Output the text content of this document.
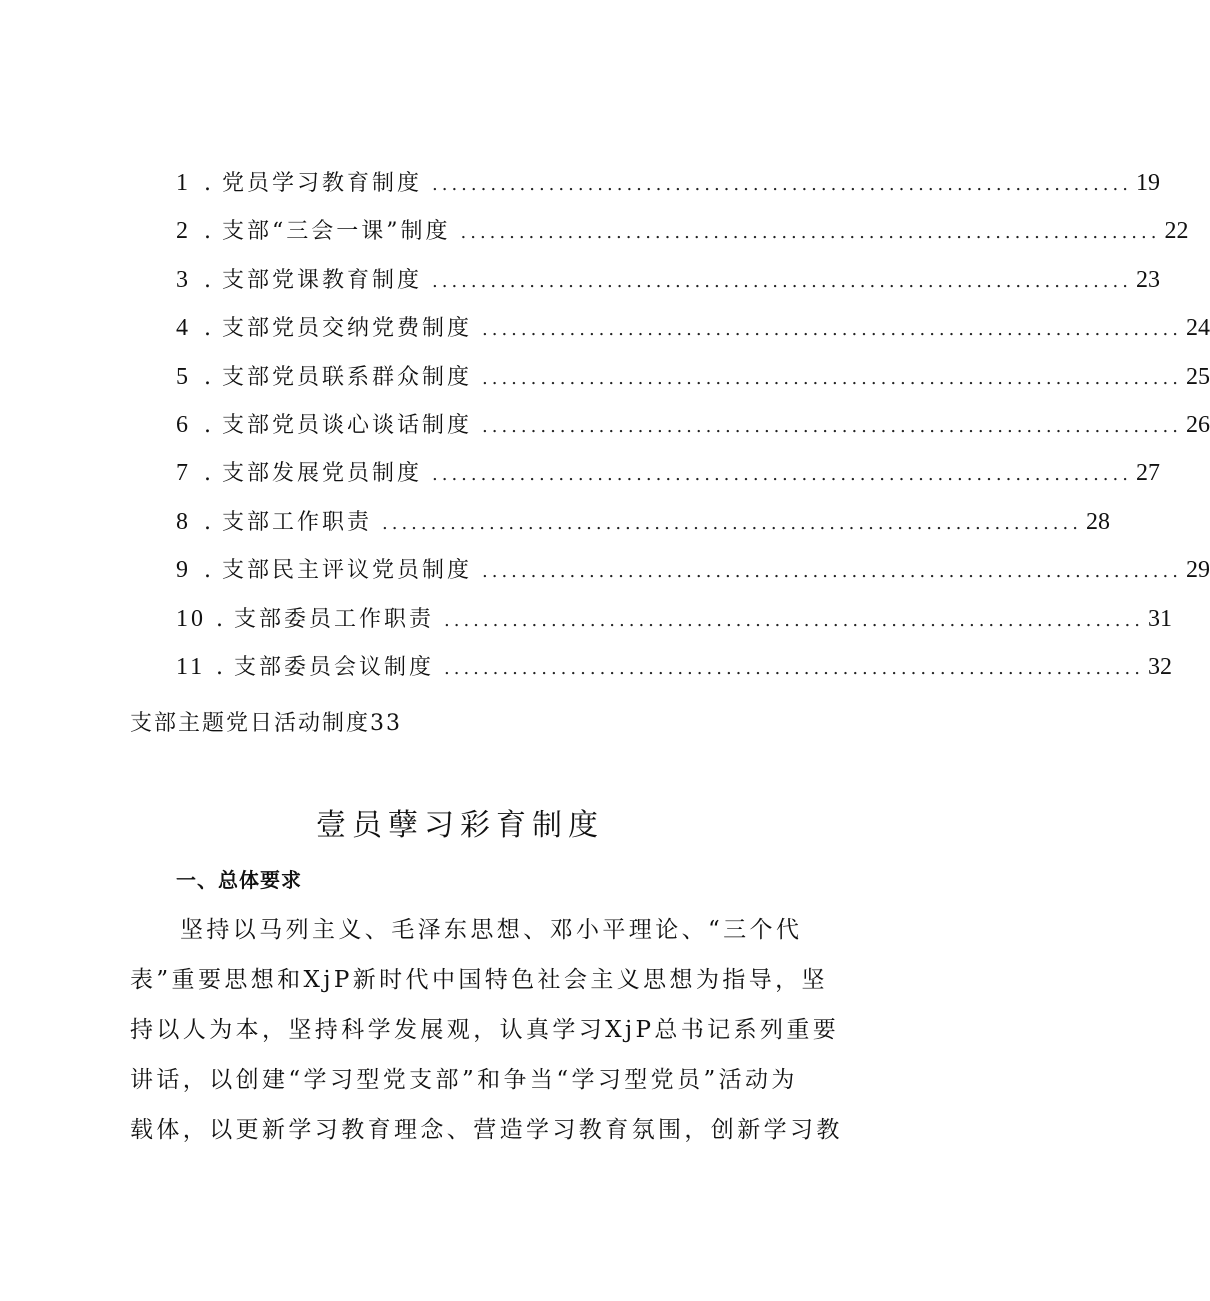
1 . 党员学习教育制度 ........................................................................ 19
2 . 支部“三会一课”制度 ........................................................................ 22
3 . 支部党课教育制度 ........................................................................ 23
4 . 支部党员交纳党费制度 ........................................................................ 24
5 . 支部党员联系群众制度 ........................................................................ 25
6 . 支部党员谈心谈话制度 ........................................................................ 26
7 . 支部发展党员制度 ........................................................................ 27
8 . 支部工作职责 ........................................................................ 28
9 . 支部民主评议党员制度 ........................................................................ 29
10 . 支部委员工作职责 ........................................................................ 31
11 . 支部委员会议制度 ........................................................................ 32
支部主题党日活动制度33
壹员孽习彩育制度
一、总体要求
坚持以马列主义、毛泽东思想、邓小平理论、“三个代
表”重要思想和XjP新时代中国特色社会主义思想为指导，坚
持以人为本，坚持科学发展观，认真学习XjP总书记系列重要
讲话，以创建“学习型党支部”和争当“学习型党员”活动为
载体，以更新学习教育理念、营造学习教育氛围，创新学习教
